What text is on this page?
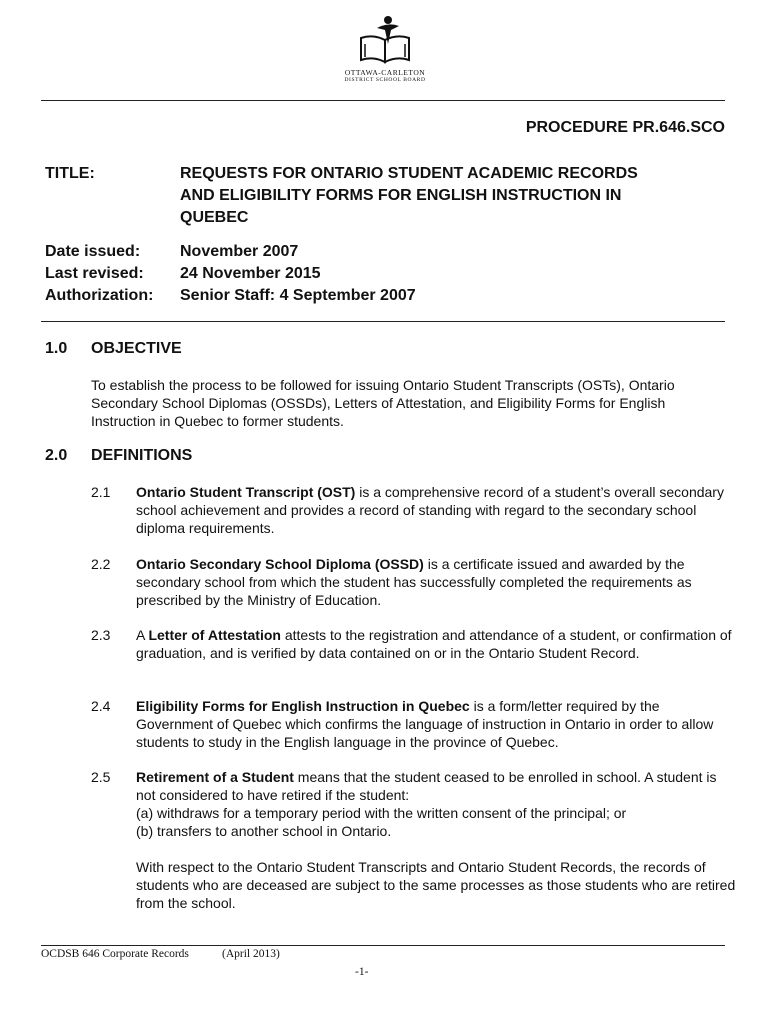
OTTAWA-CARLETON
DISTRICT SCHOOL BOARD
PROCEDURE PR.646.SCO
TITLE:	REQUESTS FOR ONTARIO STUDENT ACADEMIC RECORDS
AND ELIGIBILITY FORMS FOR ENGLISH INSTRUCTION IN
QUEBEC
Date issued: November 2007
Last revised: 24 November 2015
Authorization: Senior Staff: 4 September 2007
1.0 OBJECTIVE
To establish the process to be followed for issuing Ontario Student Transcripts (OSTs), Ontario Secondary School Diplomas (OSSDs), Letters of Attestation, and Eligibility Forms for English Instruction in Quebec to former students.
2.0 DEFINITIONS
2.1 Ontario Student Transcript (OST) is a comprehensive record of a student’s overall secondary school achievement and provides a record of standing with regard to the secondary school diploma requirements.
2.2 Ontario Secondary School Diploma (OSSD) is a certificate issued and awarded by the secondary school from which the student has successfully completed the requirements as prescribed by the Ministry of Education.
2.3 A Letter of Attestation attests to the registration and attendance of a student, or confirmation of graduation, and is verified by data contained on or in the Ontario Student Record.
2.4 Eligibility Forms for English Instruction in Quebec is a form/letter required by the Government of Quebec which confirms the language of instruction in Ontario in order to allow students to study in the English language in the province of Quebec.
2.5 Retirement of a Student means that the student ceased to be enrolled in school. A student is not considered to have retired if the student:
(a) withdraws for a temporary period with the written consent of the principal; or
(b) transfers to another school in Ontario.
With respect to the Ontario Student Transcripts and Ontario Student Records, the records of students who are deceased are subject to the same processes as those students who are retired from the school.
OCDSB 646 Corporate Records	(April 2013)
-1-
